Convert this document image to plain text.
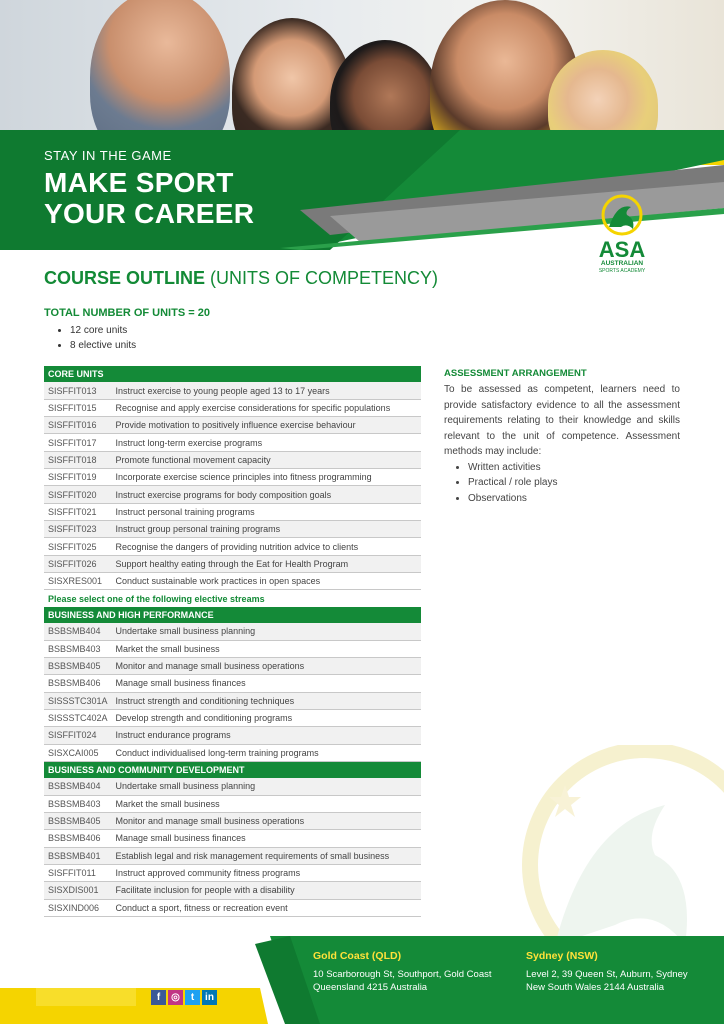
STAY IN THE GAME
MAKE SPORT
YOUR CAREER
ASA
AUSTRALIAN
SPORTS ACADEMY
COURSE OUTLINE (UNITS OF COMPETENCY)
TOTAL NUMBER OF UNITS = 20
• 12 core units
• 8 elective units
CORE UNITS	
SISFFIT013	Instruct exercise to young people aged 13 to 17 years
SISFFIT015	Recognise and apply exercise considerations for specific populations
SISFFIT016	Provide motivation to positively influence exercise behaviour
SISFFIT017	Instruct long-term exercise programs
SISFFIT018	Promote functional movement capacity
SISFFIT019	Incorporate exercise science principles into fitness programming
SISFFIT020	Instruct exercise programs for body composition goals
SISFFIT021	Instruct personal training programs
SISFFIT023	Instruct group personal training programs
SISFFIT025	Recognise the dangers of providing nutrition advice to clients
SISFFIT026	Support healthy eating through the Eat for Health Program
SISXRES001	Conduct sustainable work practices in open spaces
Please select one of the following elective streams	
BUSINESS AND HIGH PERFORMANCE	
BSBSMB404	Undertake small business planning
BSBSMB403	Market the small business
BSBSMB405	Monitor and manage small business operations
BSBSMB406	Manage small business finances
SISSSTC301A	Instruct strength and conditioning techniques
SISSSTC402A	Develop strength and conditioning programs
SISFFIT024	Instruct endurance programs
SISXCAI005	Conduct individualised long-term training programs
BUSINESS AND COMMUNITY DEVELOPMENT	
BSBSMB404	Undertake small business planning
BSBSMB403	Market the small business
BSBSMB405	Monitor and manage small business operations
BSBSMB406	Manage small business finances
BSBSMB401	Establish legal and risk management requirements of small business
SISFFIT011	Instruct approved community fitness programs
SISXDIS001	Facilitate inclusion for people with a disability
SISXIND006	Conduct a sport, fitness or recreation event
ASSESSMENT ARRANGEMENT

To be assessed as competent, learners need to provide satisfactory evidence to all the assessment requirements relating to their knowledge and skills relevant to the unit of competence. Assessment methods may include:

• Written activities
• Practical / role plays
• Observations
Gold Coast (QLD)
10 Scarborough St, Southport, Gold Coast
Queensland 4215 Australia
Sydney (NSW)
Level 2, 39 Queen St, Auburn, Sydney
New South Wales 2144 Australia
f	◎	t	in
